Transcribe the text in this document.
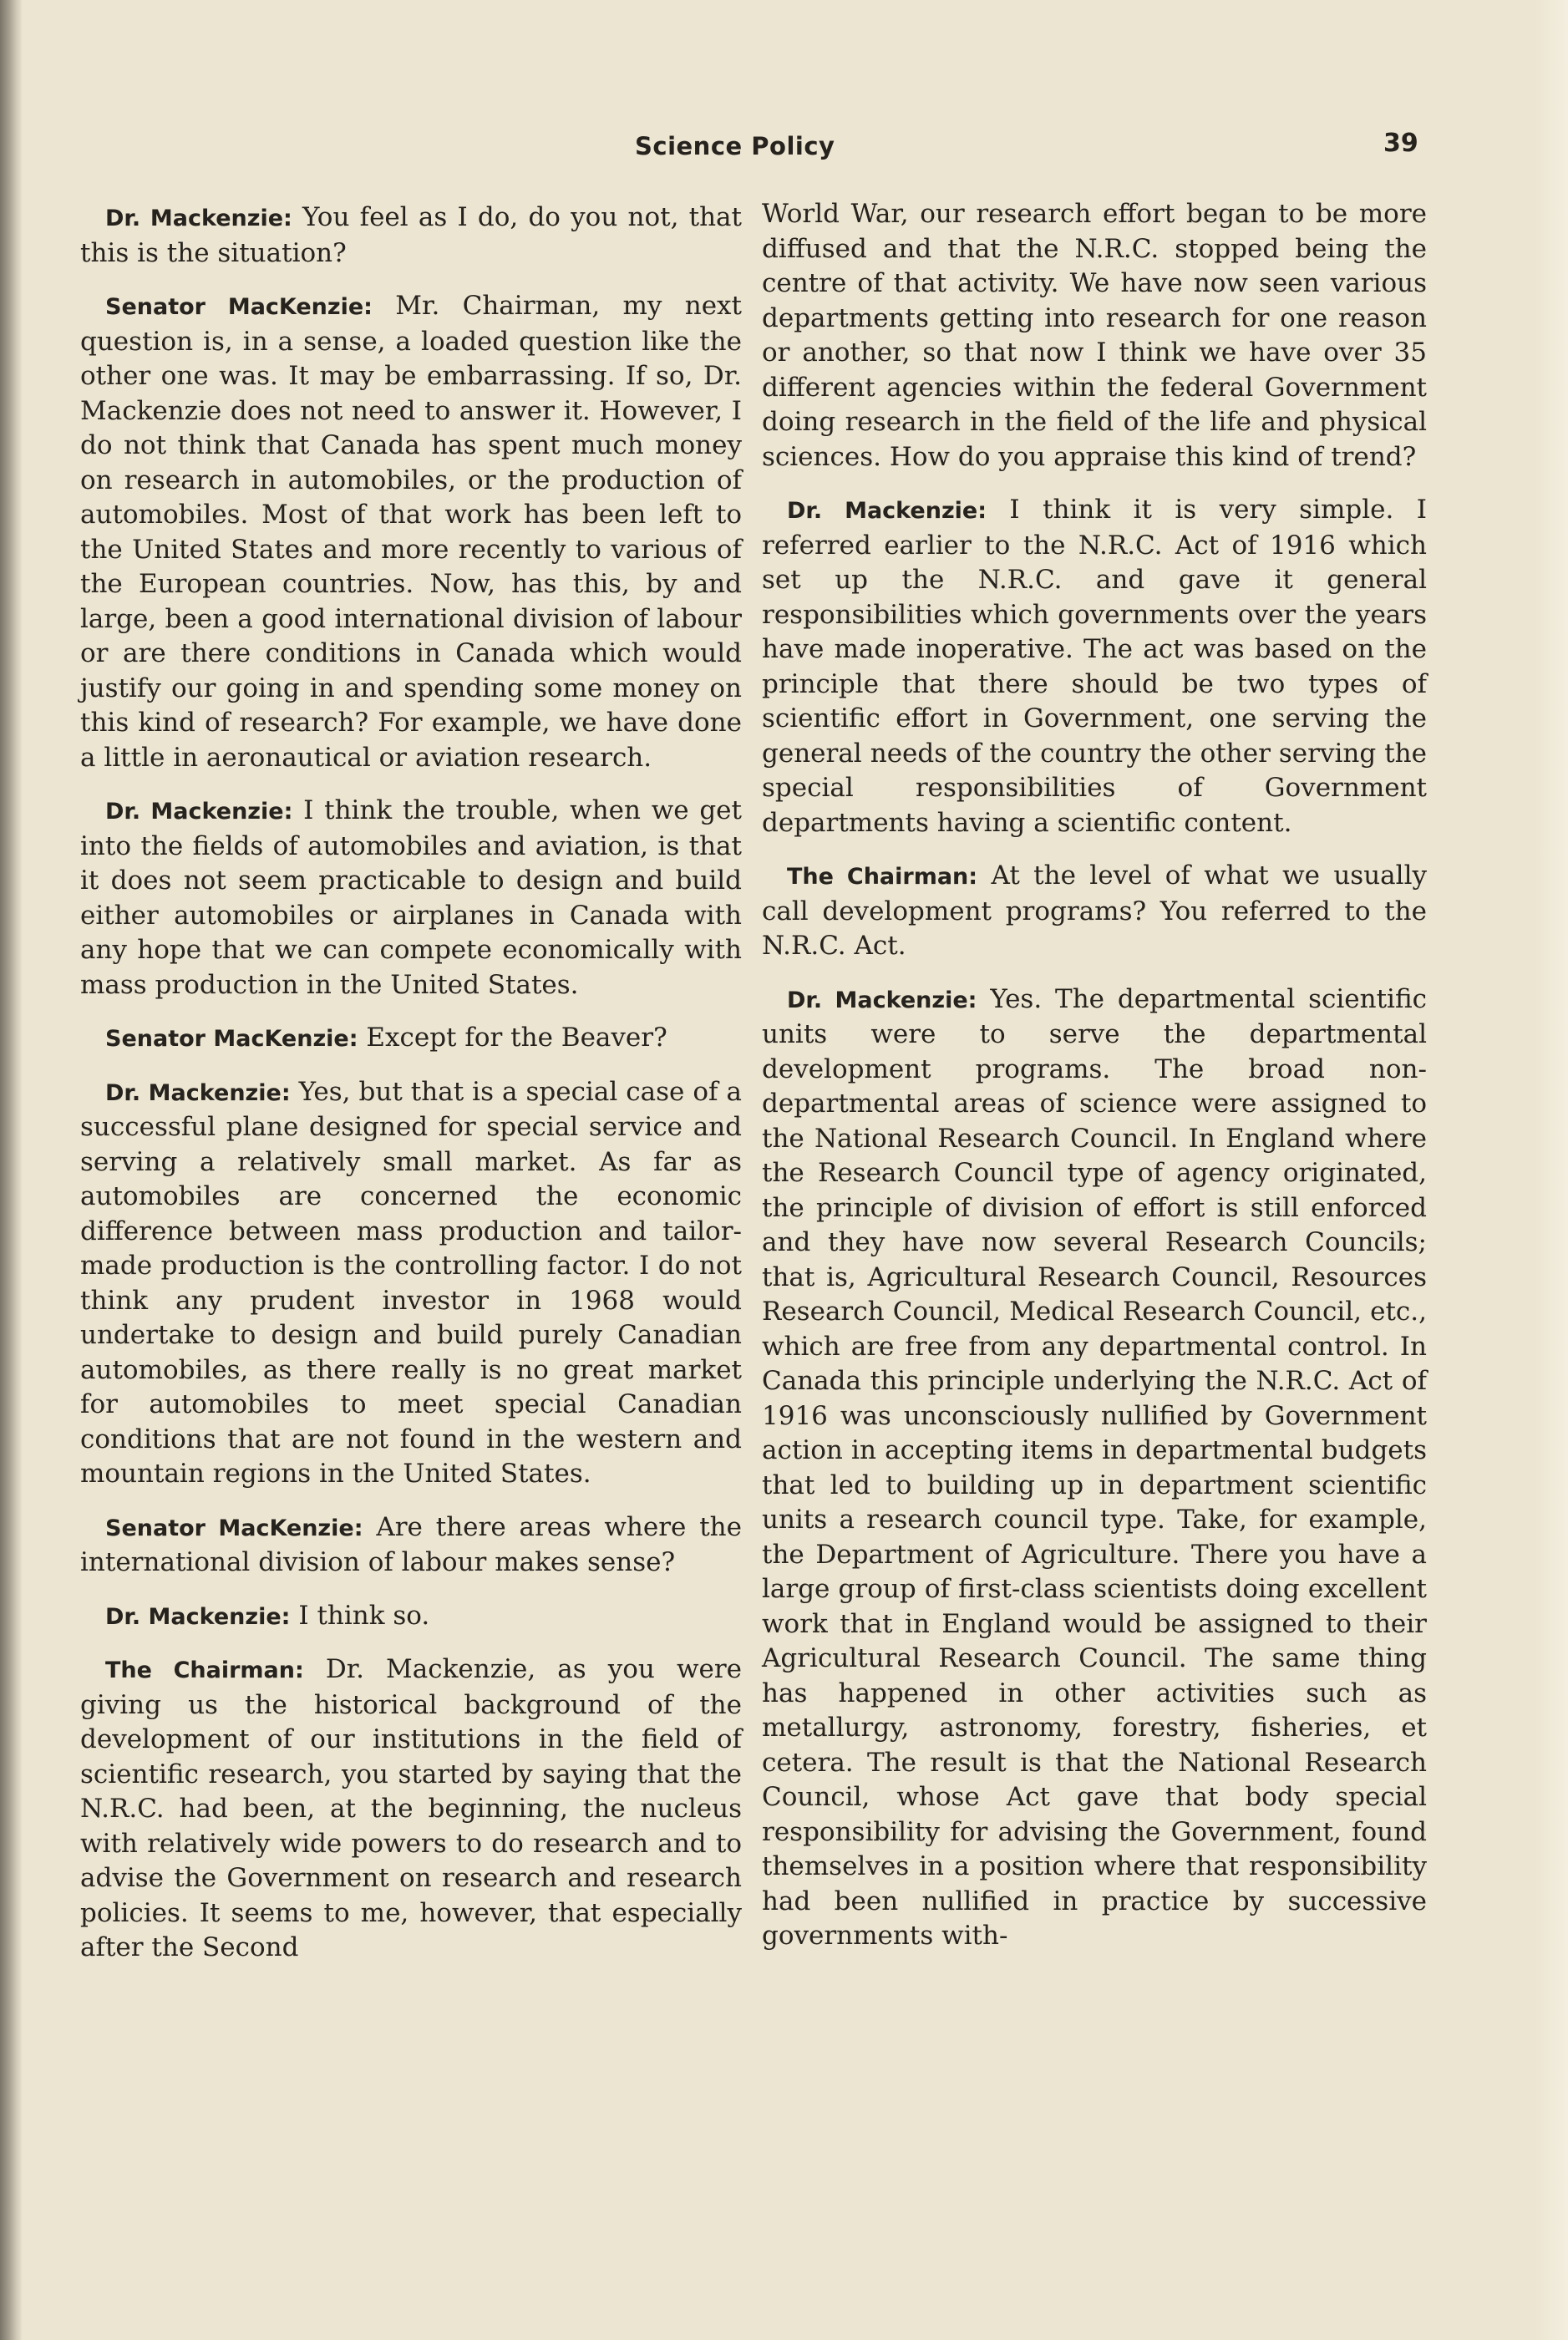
Science Policy	39

Dr. Mackenzie: You feel as I do, do you not, that this is the situation?

Senator MacKenzie: Mr. Chairman, my next question is, in a sense, a loaded question like the other one was. It may be embarrassing. If so, Dr. Mackenzie does not need to answer it. However, I do not think that Canada has spent much money on research in automobiles, or the production of automobiles. Most of that work has been left to the United States and more recently to various of the European countries. Now, has this, by and large, been a good international division of labour or are there conditions in Canada which would justify our going in and spending some money on this kind of research? For example, we have done a little in aeronautical or aviation research.

Dr. Mackenzie: I think the trouble, when we get into the fields of automobiles and aviation, is that it does not seem practicable to design and build either automobiles or airplanes in Canada with any hope that we can compete economically with mass production in the United States.

Senator MacKenzie: Except for the Beaver?

Dr. Mackenzie: Yes, but that is a special case of a successful plane designed for special service and serving a relatively small market. As far as automobiles are concerned the economic difference between mass production and tailor-made production is the controlling factor. I do not think any prudent investor in 1968 would undertake to design and build purely Canadian automobiles, as there really is no great market for automobiles to meet special Canadian conditions that are not found in the western and mountain regions in the United States.

Senator MacKenzie: Are there areas where the international division of labour makes sense?

Dr. Mackenzie: I think so.

The Chairman: Dr. Mackenzie, as you were giving us the historical background of the development of our institutions in the field of scientific research, you started by saying that the N.R.C. had been, at the beginning, the nucleus with relatively wide powers to do research and to advise the Government on research and research policies. It seems to me, however, that especially after the Second

World War, our research effort began to be more diffused and that the N.R.C. stopped being the centre of that activity. We have now seen various departments getting into research for one reason or another, so that now I think we have over 35 different agencies within the federal Government doing research in the field of the life and physical sciences. How do you appraise this kind of trend?

Dr. Mackenzie: I think it is very simple. I referred earlier to the N.R.C. Act of 1916 which set up the N.R.C. and gave it general responsibilities which governments over the years have made inoperative. The act was based on the principle that there should be two types of scientific effort in Government, one serving the general needs of the country the other serving the special responsibilities of Government departments having a scientific content.

The Chairman: At the level of what we usually call development programs? You referred to the N.R.C. Act.

Dr. Mackenzie: Yes. The departmental scientific units were to serve the departmental development programs. The broad non-departmental areas of science were assigned to the National Research Council. In England where the Research Council type of agency originated, the principle of division of effort is still enforced and they have now several Research Councils; that is, Agricultural Research Council, Resources Research Council, Medical Research Council, etc., which are free from any departmental control. In Canada this principle underlying the N.R.C. Act of 1916 was unconsciously nullified by Government action in accepting items in departmental budgets that led to building up in department scientific units a research council type. Take, for example, the Department of Agriculture. There you have a large group of first-class scientists doing excellent work that in England would be assigned to their Agricultural Research Council. The same thing has happened in other activities such as metallurgy, astronomy, forestry, fisheries, et cetera. The result is that the National Research Council, whose Act gave that body special responsibility for advising the Government, found themselves in a position where that responsibility had been nullified in practice by successive governments with-
